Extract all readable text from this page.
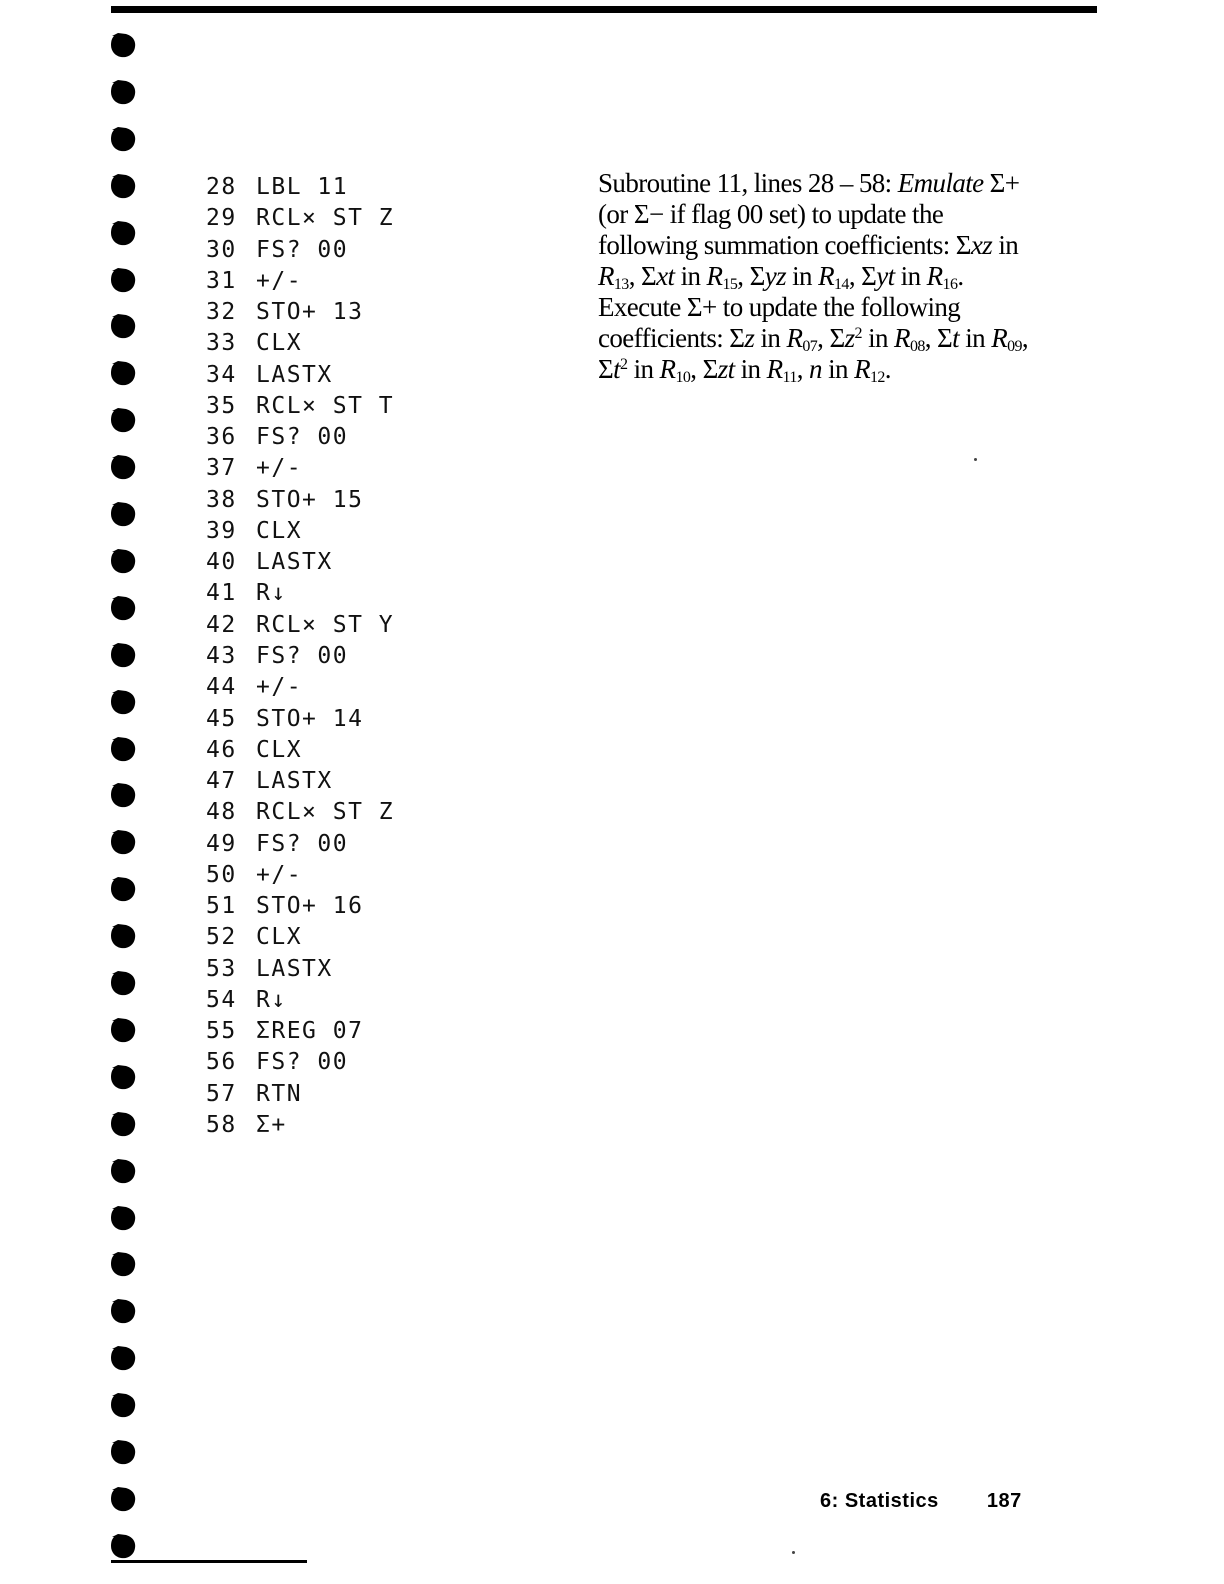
28 LBL 11
29 RCL× ST Z
30 FS? 00
31 +/-
32 STO+ 13
33 CLX
34 LASTX
35 RCL× ST T
36 FS? 00
37 +/-
38 STO+ 15
39 CLX
40 LASTX
41 R↓
42 RCL× ST Y
43 FS? 00
44 +/-
45 STO+ 14
46 CLX
47 LASTX
48 RCL× ST Z
49 FS? 00
50 +/-
51 STO+ 16
52 CLX
53 LASTX
54 R↓
55 ΣREG 07
56 FS? 00
57 RTN
58 Σ+

Subroutine 11, lines 28 – 58: Emulate Σ+ (or Σ− if flag 00 set) to update the following summation coefficients: Σxz in $R_{13}$, Σxt in $R_{15}$, Σyz in $R_{14}$, Σyt in $R_{16}$. Execute Σ+ to update the following coefficients: Σz in $R_{07}$, $\Sigma z^2$ in $R_{08}$, Σt in $R_{09}$, $\Sigma t^2$ in $R_{10}$, Σzt in $R_{11}$, n in $R_{12}$.

6: Statistics 187
